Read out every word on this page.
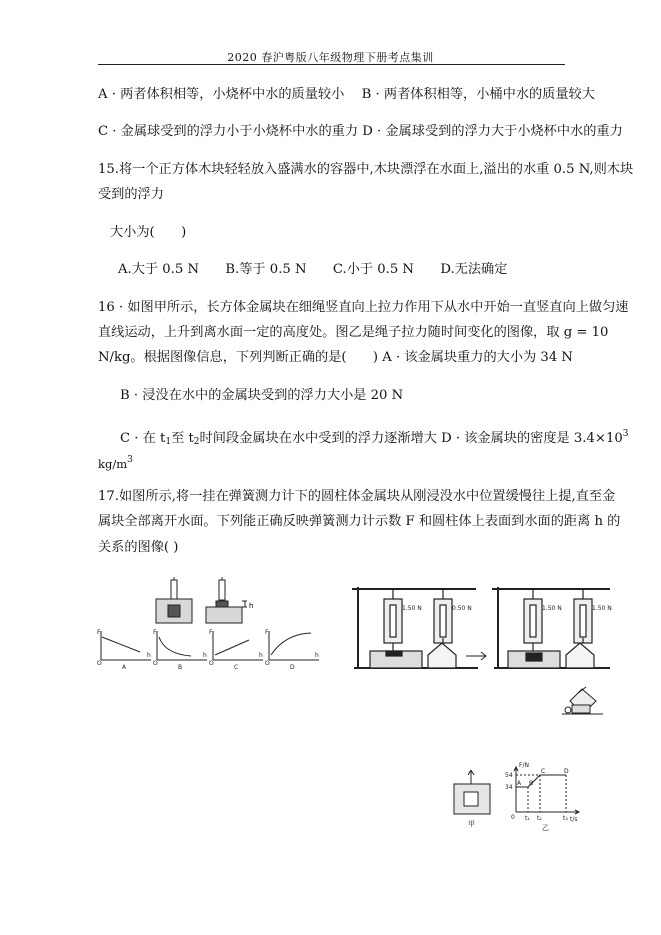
2020 春沪粤版八年级物理下册考点集训
A · 两者体积相等，小烧杯中水的质量较小　 B · 两者体积相等，小桶中水的质量较大
C · 金属球受到的浮力小于小烧杯中水的重力 D · 金属球受到的浮力大于小烧杯中水的重力
15.将一个正方体木块轻轻放入盛满水的容器中,木块漂浮在水面上,溢出的水重 0.5 N,则木块
受到的浮力
大小为(　　)
A.大于 0.5 N　　B.等于 0.5 N　　C.小于 0.5 N　　D.无法确定
16 · 如图甲所示，长方体金属块在细绳竖直向上拉力作用下从水中开始一直竖直向上做匀速
直线运动，上升到离水面一定的高度处。图乙是绳子拉力随时间变化的图像，取 g = 10
N/kg。根据图像信息，下列判断正确的是(　　) A · 该金属块重力的大小为 34 N
B · 浸没在水中的金属块受到的浮力大小是 20 N
C · 在 $t_1$至 $t_2$时间段金属块在水中受到的浮力逐渐增大 D · 该金属块的密度是 $3.4\times 10^3$
$kg/m^3$
17.如图所示,将一挂在弹簧测力计下的圆柱体金属块从刚浸没水中位置缓慢往上提,直至金
属块全部离开水面。下列能正确反映弹簧测力计示数 F 和圆柱体上表面到水面的距离 h 的
关系的图像( )
h
F	F	F	F
O	O	O	O
h	h	h	h
A	B	C	D
1.50 N	0.50 N	1.50 N	1.50 N
甲
F/N
t/s
54
34
t₁ t₂	t₃
0
A B
C	D
乙
